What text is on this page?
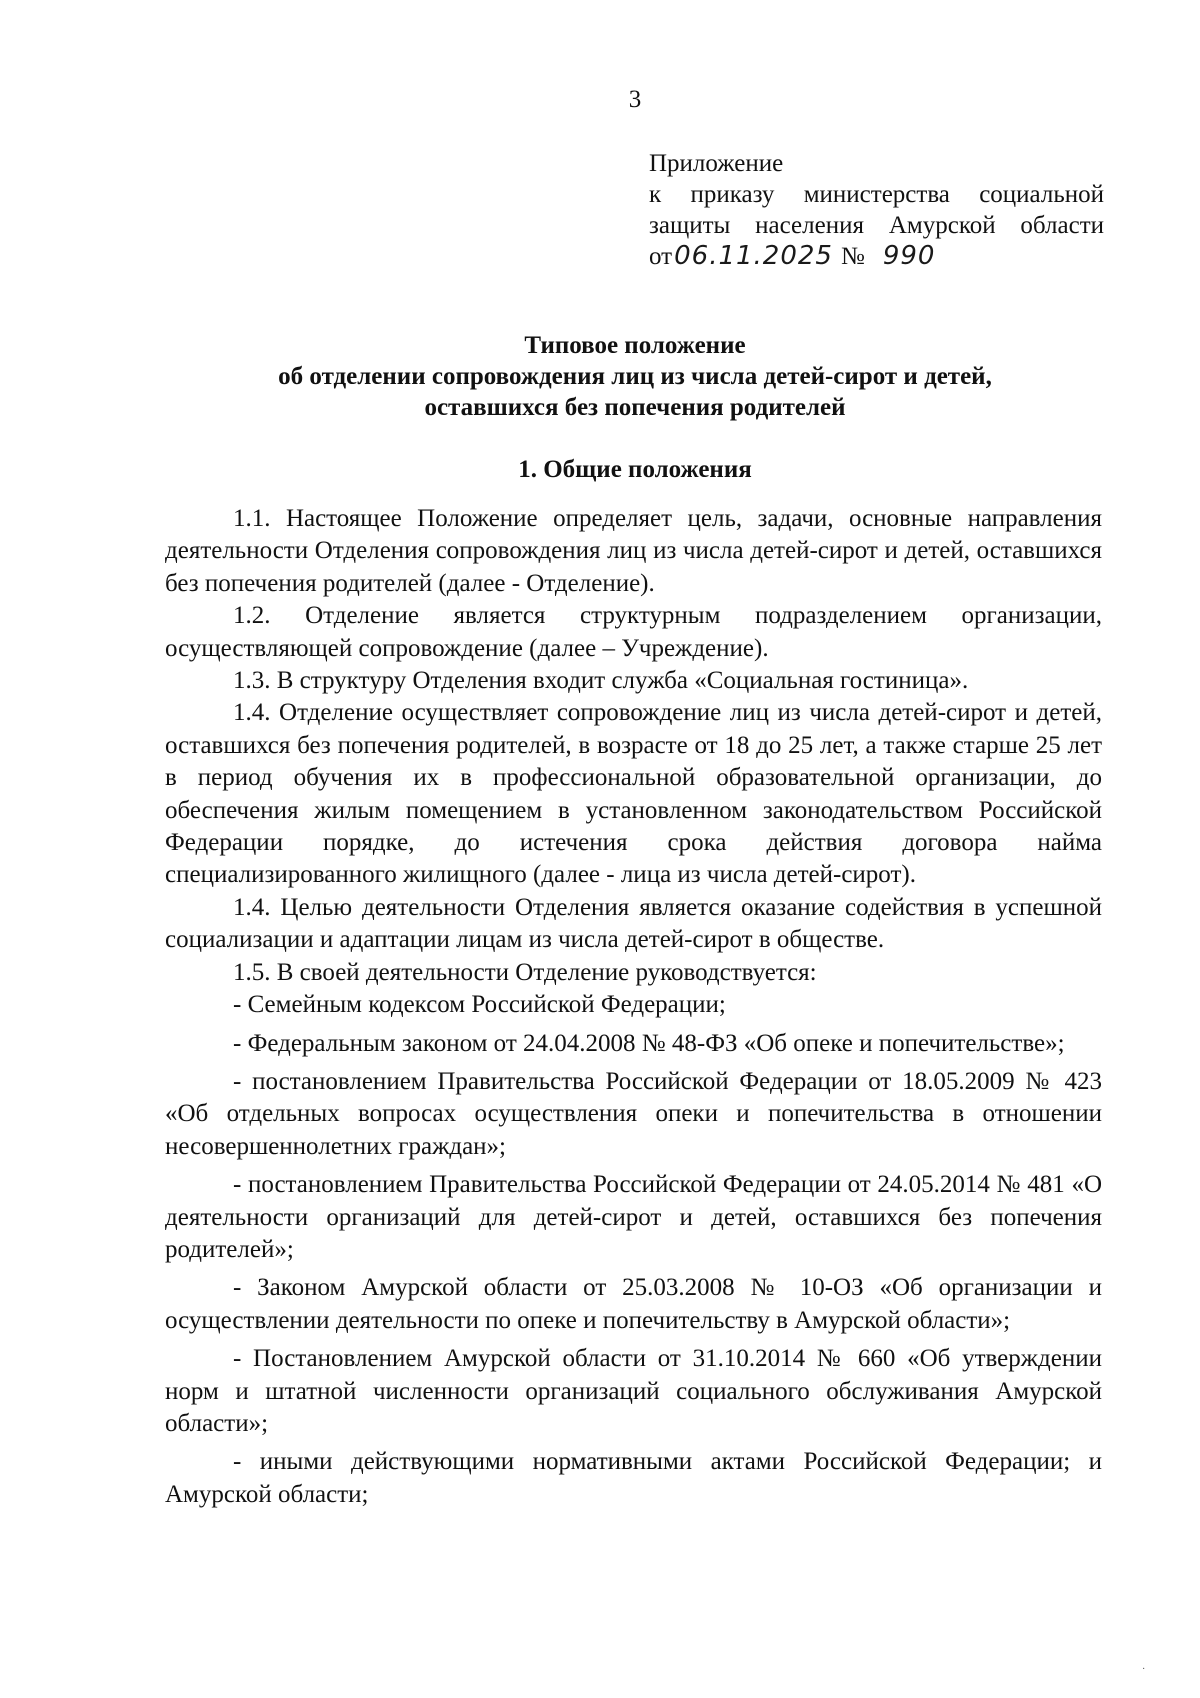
3
Приложение
к приказу министерства социальной
защиты населения Амурской области
от06.11.2025 № 990
Типовое положение
об отделении сопровождения лиц из числа детей-сирот и детей,
оставшихся без попечения родителей
1. Общие положения

1.1. Настоящее Положение определяет цель, задачи, основные направления деятельности Отделения сопровождения лиц из числа детей-сирот и детей, оставшихся без попечения родителей (далее - Отделение).

1.2. Отделение является структурным подразделением организации, осуществляющей сопровождение (далее – Учреждение).

1.3. В структуру Отделения входит служба «Социальная гостиница».

1.4. Отделение осуществляет сопровождение лиц из числа детей-сирот и детей, оставшихся без попечения родителей, в возрасте от 18 до 25 лет, а также старше 25 лет в период обучения их в профессиональной образовательной организации, до обеспечения жилым помещением в установленном законодательством Российской Федерации порядке, до истечения срока действия договора найма специализированного жилищного (далее - лица из числа детей-сирот).

1.4. Целью деятельности Отделения является оказание содействия в успешной социализации и адаптации лицам из числа детей-сирот в обществе.

1.5. В своей деятельности Отделение руководствуется:

- Семейным кодексом Российской Федерации;

- Федеральным законом от 24.04.2008 № 48-ФЗ «Об опеке и попечительстве»;

- постановлением Правительства Российской Федерации от 18.05.2009 № 423 «Об отдельных вопросах осуществления опеки и попечительства в отношении несовершеннолетних граждан»;

- постановлением Правительства Российской Федерации от 24.05.2014 № 481 «О деятельности организаций для детей-сирот и детей, оставшихся без попечения родителей»;

- Законом Амурской области от 25.03.2008 № 10-ОЗ «Об организации и осуществлении деятельности по опеке и попечительству в Амурской области»;

- Постановлением Амурской области от 31.10.2014 № 660 «Об утверждении норм и штатной численности организаций социального обслуживания Амурской области»;

- иными действующими нормативными актами Российской Федерации; и Амурской области;

·
